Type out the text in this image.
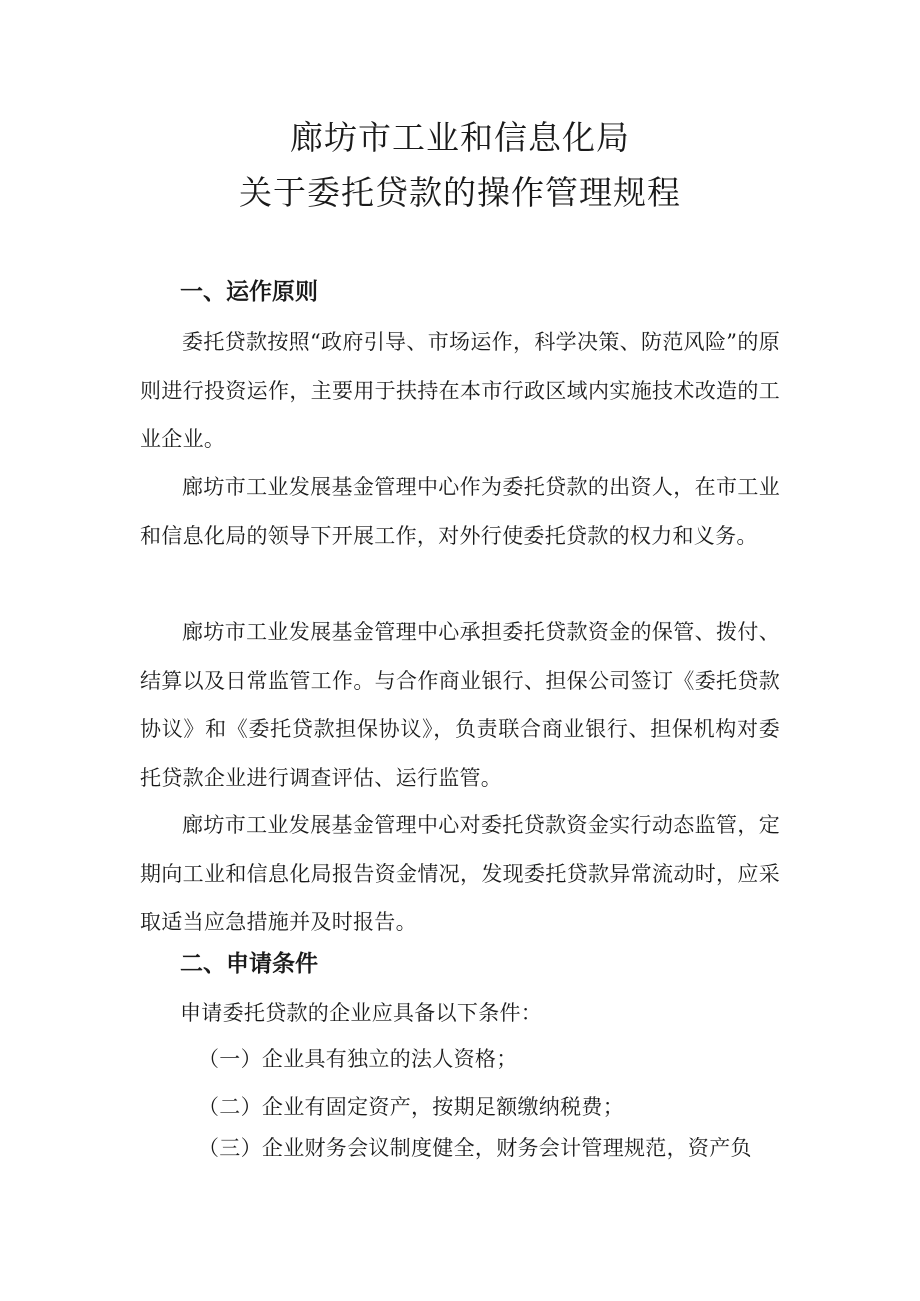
廊坊市工业和信息化局
关于委托贷款的操作管理规程
一、运作原则
委托贷款按照“政府引导、市场运作，科学决策、防范风险”的原则进行投资运作，主要用于扶持在本市行政区域内实施技术改造的工业企业。
廊坊市工业发展基金管理中心作为委托贷款的出资人，在市工业和信息化局的领导下开展工作，对外行使委托贷款的权力和义务。
廊坊市工业发展基金管理中心承担委托贷款资金的保管、拨付、结算以及日常监管工作。与合作商业银行、担保公司签订《委托贷款协议》和《委托贷款担保协议》，负责联合商业银行、担保机构对委托贷款企业进行调查评估、运行监管。
廊坊市工业发展基金管理中心对委托贷款资金实行动态监管，定期向工业和信息化局报告资金情况，发现委托贷款异常流动时，应采取适当应急措施并及时报告。
二、申请条件
申请委托贷款的企业应具备以下条件：
（一）企业具有独立的法人资格；
（二）企业有固定资产，按期足额缴纳税费；
（三）企业财务会议制度健全，财务会计管理规范，资产负
